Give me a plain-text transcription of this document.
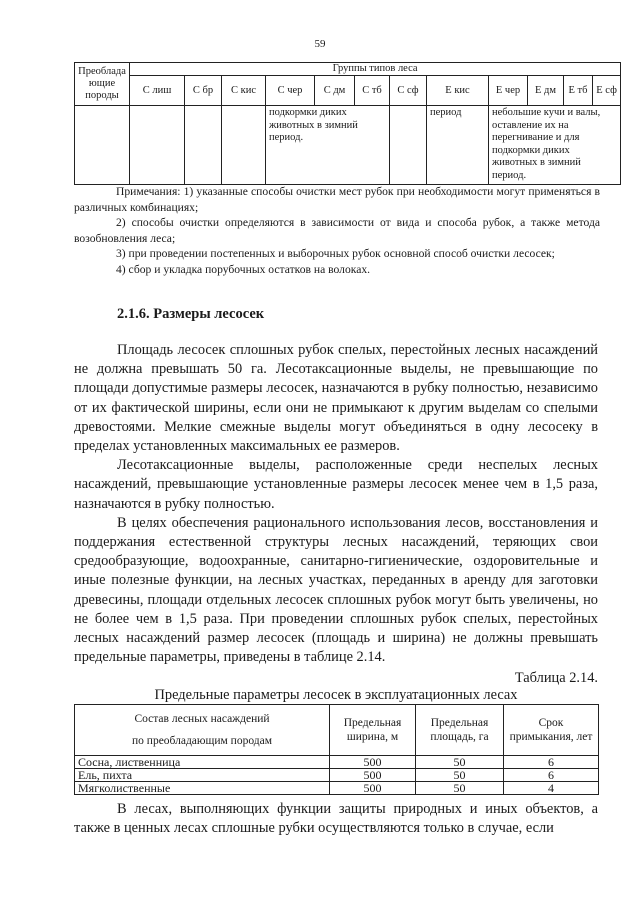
59
Преоблада ющие породы	Группы типов леса											
	С лиш	С бр	С кис	С чер	С дм	С тб	С сф	Е кис	Е чер	Е дм	Е тб	Е сф
				подкормки диких животных в зимний период.				период	небольшие кучи и валы, оставление их на перегнивание и для подкормки диких животных в зимний период.			

Примечания: 1) указанные способы очистки мест рубок при необходимости могут применяться в различных комбинациях;

2) способы очистки определяются в зависимости от вида и способа рубок, а также метода возобновления леса;

3) при проведении постепенных и выборочных рубок основной способ очистки лесосек;

4) сбор и укладка порубочных остатков на волоках.

2.1.6. Размеры лесосек

Площадь лесосек сплошных рубок спелых, перестойных лесных насаждений не должна превышать 50 га. Лесотаксационные выделы, не превышающие по площади допустимые размеры лесосек, назначаются в рубку полностью, независимо от их фактической ширины, если они не примыкают к другим выделам со спелыми древостоями. Мелкие смежные выделы могут объединяться в одну лесосеку в пределах установленных максимальных ее размеров.

Лесотаксационные выделы, расположенные среди неспелых лесных насаждений, превышающие установленные размеры лесосек менее чем в 1,5 раза, назначаются в рубку полностью.

В целях обеспечения рационального использования лесов, восстановления и поддержания естественной структуры лесных насаждений, теряющих свои средообразующие, водоохранные, санитарно-гигиенические, оздоровительные и иные полезные функции, на лесных участках, переданных в аренду для заготовки древесины, площади отдельных лесосек сплошных рубок могут быть увеличены, но не более чем в 1,5 раза. При проведении сплошных рубок спелых, перестойных лесных насаждений размер лесосек (площадь и ширина) не должны превышать предельные параметры, приведены в таблице 2.14.

Таблица 2.14.
Предельные параметры лесосек в эксплуатационных лесах
Состав лесных насаждений
по преобладающим породам	Предельная ширина, м	Предельная площадь, га	Срок примыкания, лет
Сосна, лиственница	500	50	6
Ель, пихта	500	50	6
Мягколиственные	500	50	4

В лесах, выполняющих функции защиты природных и иных объектов, а также в ценных лесах сплошные рубки осуществляются только в случае, если
